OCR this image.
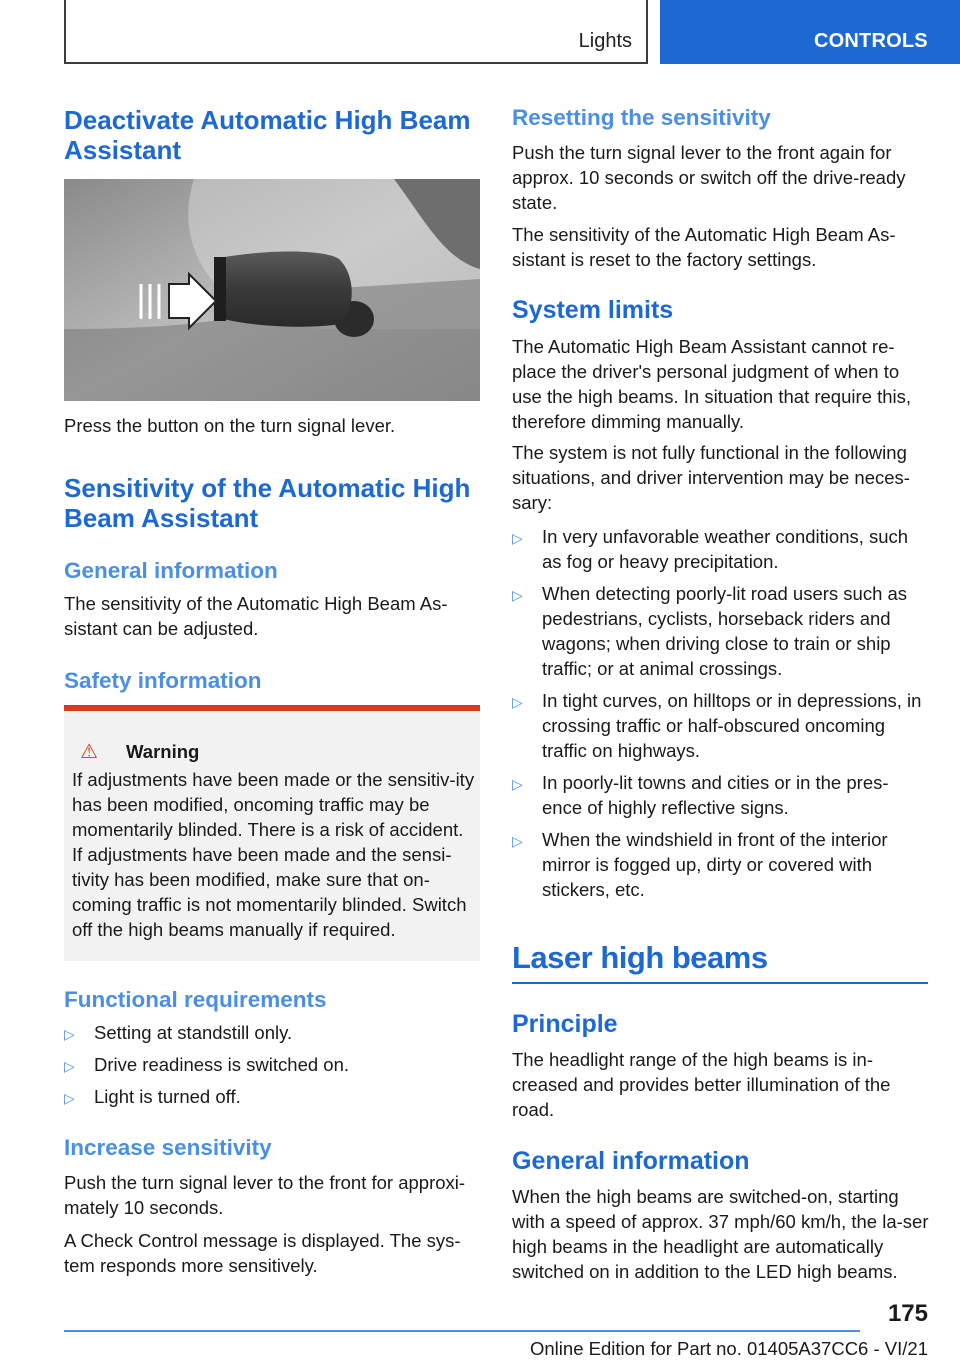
Lights	CONTROLS
Deactivate Automatic High Beam Assistant

Press the button on the turn signal lever.

Sensitivity of the Automatic High Beam Assistant
General information

The sensitivity of the Automatic High Beam As-sistant can be adjusted.

Safety information
⚠ Warning
If adjustments have been made or the sensitiv-ity has been modified, oncoming traffic may be momentarily blinded. There is a risk of accident. If adjustments have been made and the sensi-tivity has been modified, make sure that on-coming traffic is not momentarily blinded. Switch off the high beams manually if required.
Functional requirements
▷	Setting at standstill only.
▷	Drive readiness is switched on.
▷	Light is turned off.
Increase sensitivity

Push the turn signal lever to the front for approxi-mately 10 seconds.

A Check Control message is displayed. The sys-tem responds more sensitively.

Resetting the sensitivity

Push the turn signal lever to the front again for approx. 10 seconds or switch off the drive-ready state.

The sensitivity of the Automatic High Beam As-sistant is reset to the factory settings.

System limits

The Automatic High Beam Assistant cannot re-place the driver's personal judgment of when to use the high beams. In situation that require this, therefore dimming manually.

The system is not fully functional in the following situations, and driver intervention may be neces-sary:

▷	In very unfavorable weather conditions, such as fog or heavy precipitation.
▷	When detecting poorly-lit road users such as pedestrians, cyclists, horseback riders and wagons; when driving close to train or ship traffic; or at animal crossings.
▷	In tight curves, on hilltops or in depressions, in crossing traffic or half-obscured oncoming traffic on highways.
▷	In poorly-lit towns and cities or in the pres-ence of highly reflective signs.
▷	When the windshield in front of the interior mirror is fogged up, dirty or covered with stickers, etc.
Laser high beams
Principle

The headlight range of the high beams is in-creased and provides better illumination of the road.

General information

When the high beams are switched-on, starting with a speed of approx. 37 mph/60 km/h, the la-ser high beams in the headlight are automatically switched on in addition to the LED high beams.

175
Online Edition for Part no. 01405A37CC6 - VI/21
